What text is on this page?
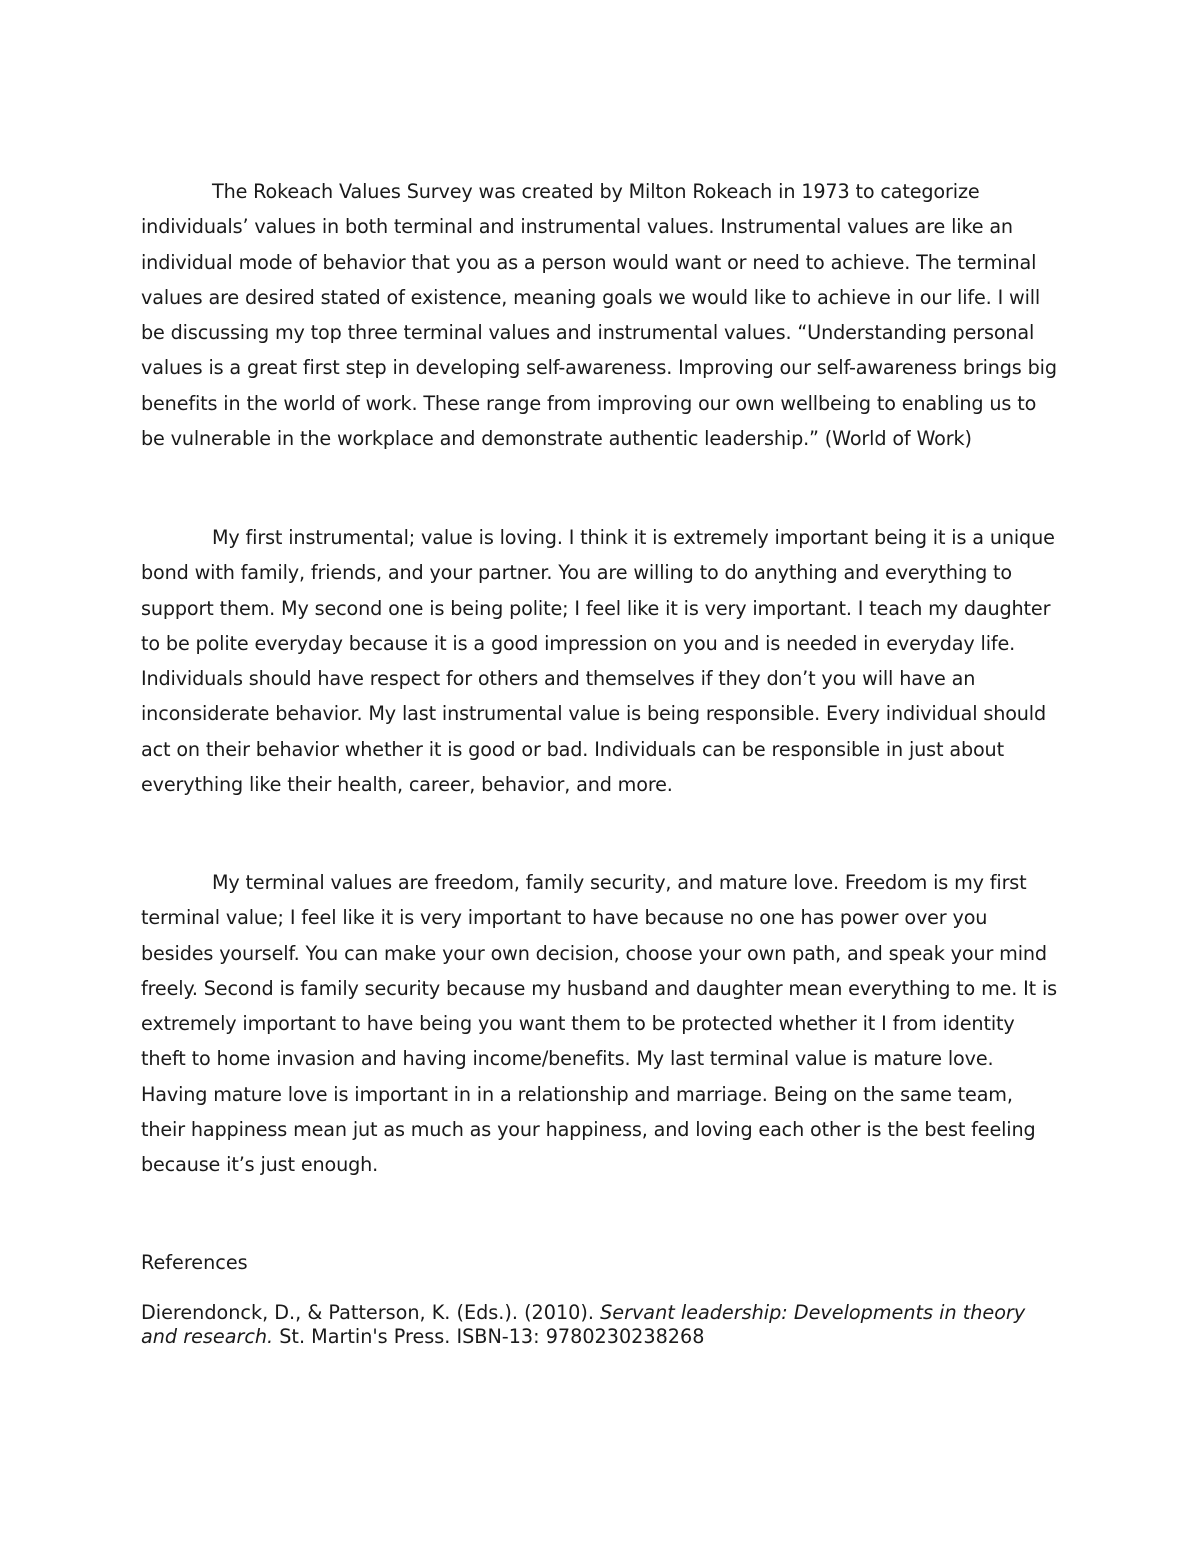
The Rokeach Values Survey was created by Milton Rokeach in 1973 to categorize individuals’ values in both terminal and instrumental values. Instrumental values are like an individual mode of behavior that you as a person would want or need to achieve. The terminal values are desired stated of existence, meaning goals we would like to achieve in our life. I will be discussing my top three terminal values and instrumental values. “Understanding personal values is a great first step in developing self-awareness. Improving our self-awareness brings big benefits in the world of work. These range from improving our own wellbeing to enabling us to be vulnerable in the workplace and demonstrate authentic leadership.” (World of Work)

My first instrumental; value is loving. I think it is extremely important being it is a unique bond with family, friends, and your partner. You are willing to do anything and everything to support them. My second one is being polite; I feel like it is very important. I teach my daughter to be polite everyday because it is a good impression on you and is needed in everyday life. Individuals should have respect for others and themselves if they don’t you will have an inconsiderate behavior. My last instrumental value is being responsible. Every individual should act on their behavior whether it is good or bad. Individuals can be responsible in just about everything like their health, career, behavior, and more.

My terminal values are freedom, family security, and mature love. Freedom is my first terminal value; I feel like it is very important to have because no one has power over you besides yourself. You can make your own decision, choose your own path, and speak your mind freely. Second is family security because my husband and daughter mean everything to me. It is extremely important to have being you want them to be protected whether it I from identity theft to home invasion and having income/benefits. My last terminal value is mature love. Having mature love is important in in a relationship and marriage. Being on the same team, their happiness mean jut as much as your happiness, and loving each other is the best feeling because it’s just enough.

References

Dierendonck, D., & Patterson, K. (Eds.). (2010). Servant leadership: Developments in theory and research. St. Martin's Press. ISBN-13: 9780230238268
